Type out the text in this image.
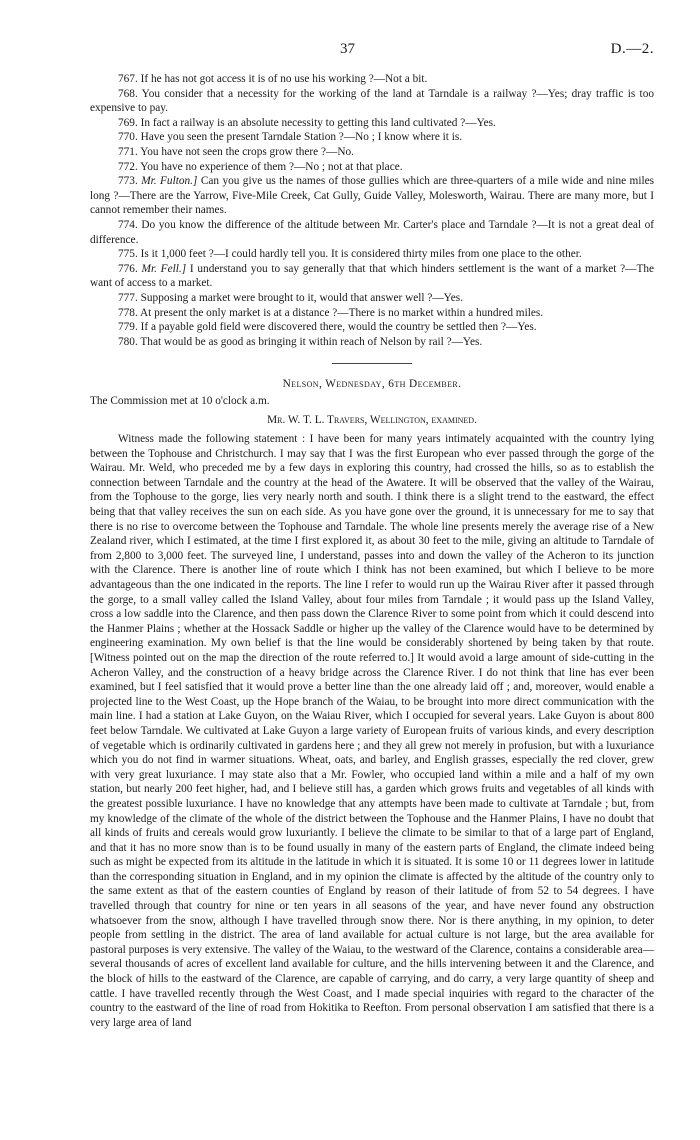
37	D.—2.

767. If he has not got access it is of no use his working ?—Not a bit.

768. You consider that a necessity for the working of the land at Tarndale is a railway ?—Yes; dray traffic is too expensive to pay.

769. In fact a railway is an absolute necessity to getting this land cultivated ?—Yes.

770. Have you seen the present Tarndale Station ?—No ; I know where it is.

771. You have not seen the crops grow there ?—No.

772. You have no experience of them ?—No ; not at that place.

773. Mr. Fulton.] Can you give us the names of those gullies which are three-quarters of a mile wide and nine miles long ?—There are the Yarrow, Five-Mile Creek, Cat Gully, Guide Valley, Molesworth, Wairau. There are many more, but I cannot remember their names.

774. Do you know the difference of the altitude between Mr. Carter's place and Tarndale ?—It is not a great deal of difference.

775. Is it 1,000 feet ?—I could hardly tell you. It is considered thirty miles from one place to the other.

776. Mr. Fell.] I understand you to say generally that that which hinders settlement is the want of a market ?—The want of access to a market.

777. Supposing a market were brought to it, would that answer well ?—Yes.

778. At present the only market is at a distance ?—There is no market within a hundred miles.

779. If a payable gold field were discovered there, would the country be settled then ?—Yes.

780. That would be as good as bringing it within reach of Nelson by rail ?—Yes.

Nelson, Wednesday, 6th December.

The Commission met at 10 o'clock a.m.

Mr. W. T. L. Travers, Wellington, examined.

Witness made the following statement : I have been for many years intimately acquainted with the country lying between the Tophouse and Christchurch. I may say that I was the first European who ever passed through the gorge of the Wairau. Mr. Weld, who preceded me by a few days in exploring this country, had crossed the hills, so as to establish the connection between Tarndale and the country at the head of the Awatere. It will be observed that the valley of the Wairau, from the Tophouse to the gorge, lies very nearly north and south. I think there is a slight trend to the eastward, the effect being that that valley receives the sun on each side. As you have gone over the ground, it is unnecessary for me to say that there is no rise to overcome between the Tophouse and Tarndale. The whole line presents merely the average rise of a New Zealand river, which I estimated, at the time I first explored it, as about 30 feet to the mile, giving an altitude to Tarndale of from 2,800 to 3,000 feet. The surveyed line, I understand, passes into and down the valley of the Acheron to its junction with the Clarence. There is another line of route which I think has not been examined, but which I believe to be more advantageous than the one indicated in the reports. The line I refer to would run up the Wairau River after it passed through the gorge, to a small valley called the Island Valley, about four miles from Tarndale ; it would pass up the Island Valley, cross a low saddle into the Clarence, and then pass down the Clarence River to some point from which it could descend into the Hanmer Plains ; whether at the Hossack Saddle or higher up the valley of the Clarence would have to be determined by engineering examination. My own belief is that the line would be considerably shortened by being taken by that route. [Witness pointed out on the map the direction of the route referred to.] It would avoid a large amount of side-cutting in the Acheron Valley, and the construction of a heavy bridge across the Clarence River. I do not think that line has ever been examined, but I feel satisfied that it would prove a better line than the one already laid off ; and, moreover, would enable a projected line to the West Coast, up the Hope branch of the Waiau, to be brought into more direct communication with the main line. I had a station at Lake Guyon, on the Waiau River, which I occupied for several years. Lake Guyon is about 800 feet below Tarndale. We cultivated at Lake Guyon a large variety of European fruits of various kinds, and every description of vegetable which is ordinarily cultivated in gardens here ; and they all grew not merely in profusion, but with a luxuriance which you do not find in warmer situations. Wheat, oats, and barley, and English grasses, especially the red clover, grew with very great luxuriance. I may state also that a Mr. Fowler, who occupied land within a mile and a half of my own station, but nearly 200 feet higher, had, and I believe still has, a garden which grows fruits and vegetables of all kinds with the greatest possible luxuriance. I have no knowledge that any attempts have been made to cultivate at Tarndale ; but, from my knowledge of the climate of the whole of the district between the Tophouse and the Hanmer Plains, I have no doubt that all kinds of fruits and cereals would grow luxuriantly. I believe the climate to be similar to that of a large part of England, and that it has no more snow than is to be found usually in many of the eastern parts of England, the climate indeed being such as might be expected from its altitude in the latitude in which it is situated. It is some 10 or 11 degrees lower in latitude than the corresponding situation in England, and in my opinion the climate is affected by the altitude of the country only to the same extent as that of the eastern counties of England by reason of their latitude of from 52 to 54 degrees. I have travelled through that country for nine or ten years in all seasons of the year, and have never found any obstruction whatsoever from the snow, although I have travelled through snow there. Nor is there anything, in my opinion, to deter people from settling in the district. The area of land available for actual culture is not large, but the area available for pastoral purposes is very extensive. The valley of the Waiau, to the westward of the Clarence, contains a considerable area—several thousands of acres of excellent land available for culture, and the hills intervening between it and the Clarence, and the block of hills to the eastward of the Clarence, are capable of carrying, and do carry, a very large quantity of sheep and cattle. I have travelled recently through the West Coast, and I made special inquiries with regard to the character of the country to the eastward of the line of road from Hokitika to Reefton. From personal observation I am satisfied that there is a very large area of land
